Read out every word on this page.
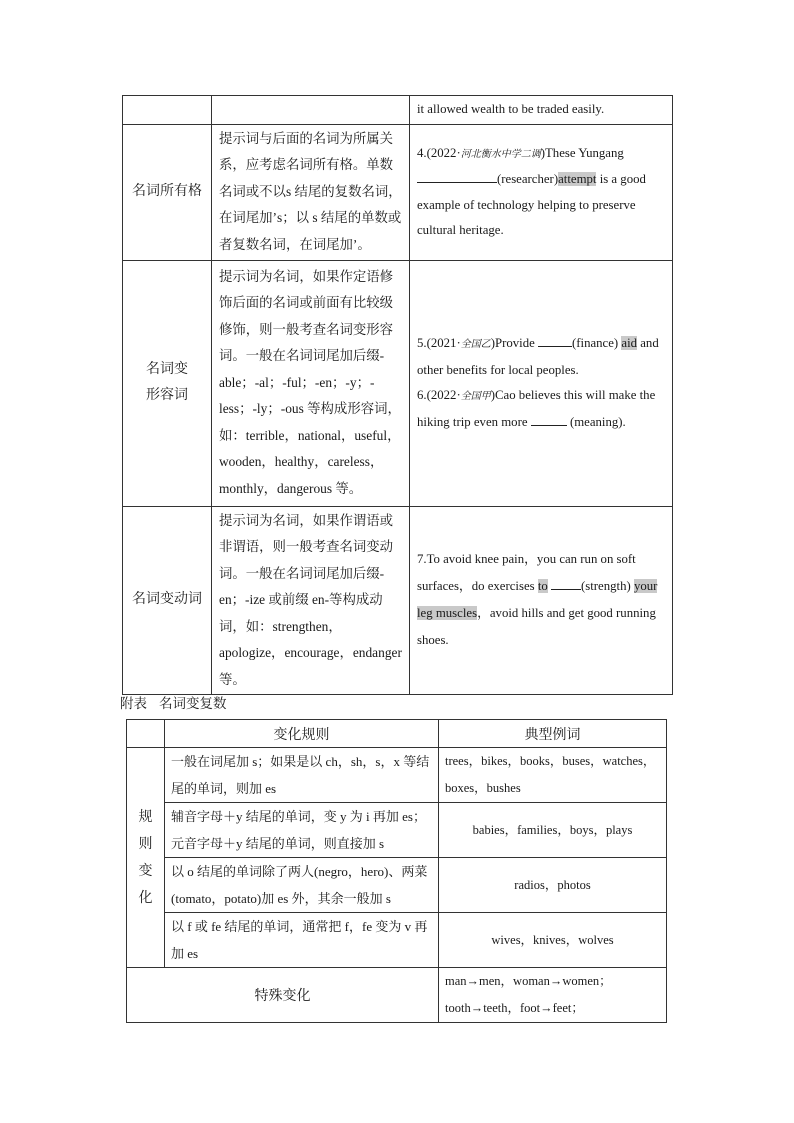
		it allowed wealth to be traded easily.
名词所有格	提示词与后面的名词为所属关系，应考虑名词所有格。单数名词或不以s 结尾的复数名词，在词尾加’s；以 s 结尾的单数或者复数名词，在词尾加’。	4.(2022·河北衡水中学二调)These Yungang (researcher)attempt is a good example of technology helping to preserve cultural heritage.
名词变
形容词	提示词为名词，如果作定语修饰后面的名词或前面有比较级修饰，则一般考查名词变形容词。一般在名词词尾加后缀-able；-al；-ful；-en；-y；-less；-ly；-ous 等构成形容词，如：terrible，national，useful，wooden，healthy，careless，monthly，dangerous 等。	5.(2021·全国乙)Provide (finance) aid and other benefits for local peoples.
6.(2022·全国甲)Cao believes this will make the hiking trip even more (meaning).
名词变动词	提示词为名词，如果作谓语或非谓语，则一般考查名词变动词。一般在名词词尾加后缀-en；-ize 或前缀 en-等构成动词，如：strengthen，apologize，encourage，endanger 等。	7.To avoid knee pain，you can run on soft surfaces，do exercises to (strength) your leg muscles，avoid hills and get good running shoes.
附表 名词变复数
	变化规则	典型例词
规
则
变
化	一般在词尾加 s；如果是以 ch，sh，s，x 等结尾的单词，则加 es	trees，bikes，books，buses，watches，boxes，bushes
	辅音字母＋y 结尾的单词，变 y 为 i 再加 es；元音字母＋y 结尾的单词，则直接加 s	babies，families，boys，plays
	以 o 结尾的单词除了两人(negro，hero)、两菜(tomato，potato)加 es 外，其余一般加 s	radios，photos
	以 f 或 fe 结尾的单词，通常把 f，fe 变为 v 再加 es	wives，knives，wolves
特殊变化		man→men，woman→women；
tooth→teeth，foot→feet；
